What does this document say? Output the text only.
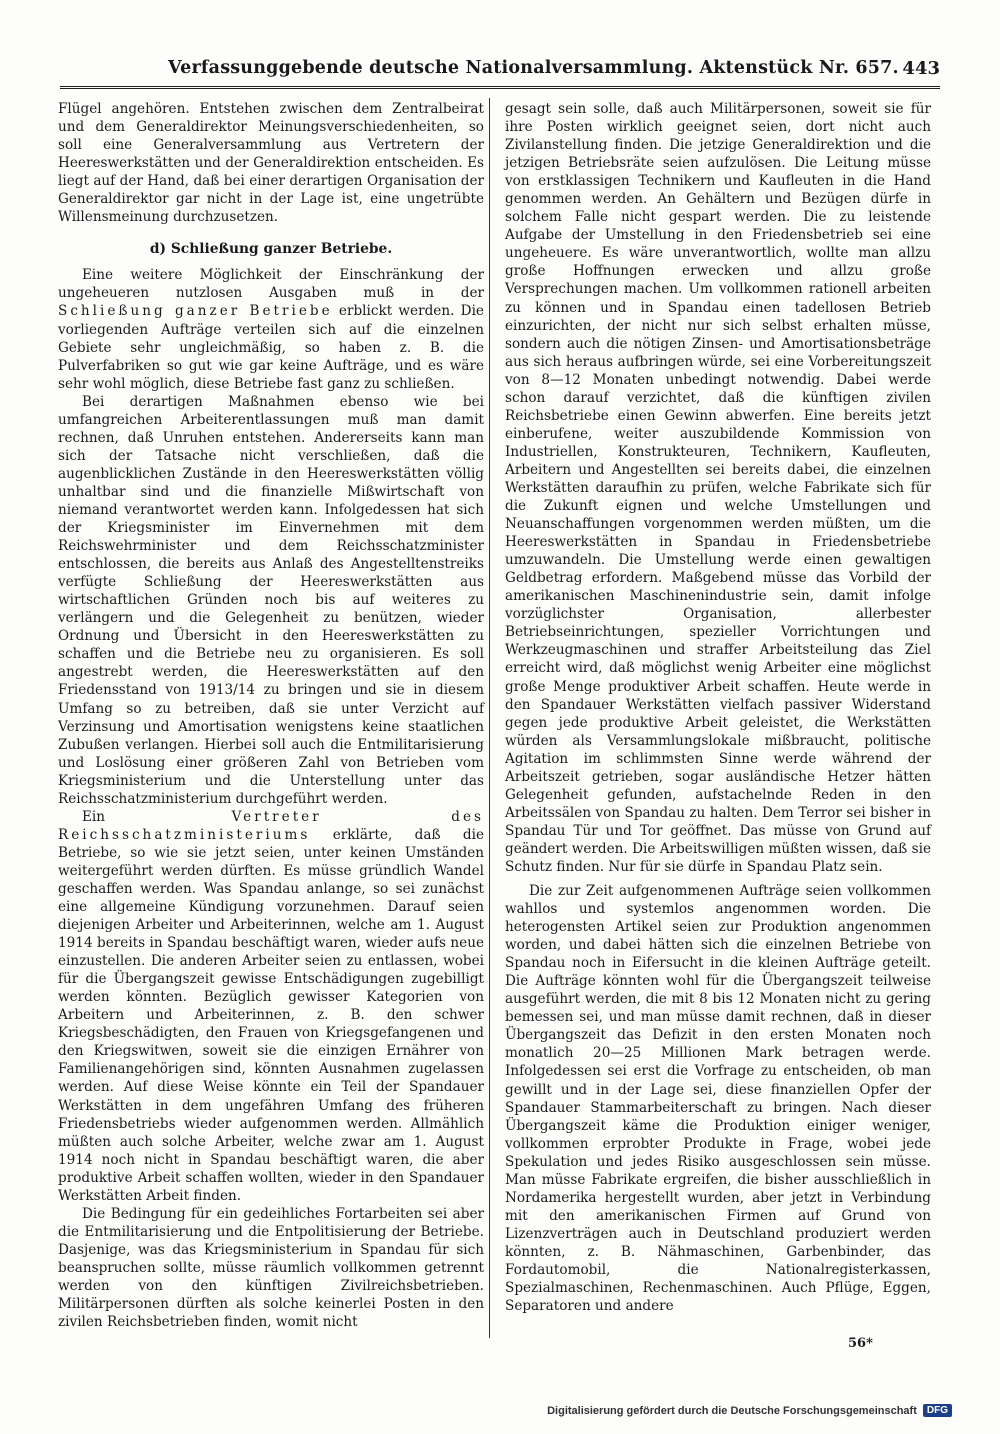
Verfassunggebende deutsche Nationalversammlung. Aktenstück Nr. 657. 443

Flügel angehören. Entstehen zwischen dem Zentralbeirat und dem Generaldirektor Meinungsverschiedenheiten, so soll eine Generalversammlung aus Vertretern der Heereswerkstätten und der Generaldirektion entscheiden. Es liegt auf der Hand, daß bei einer derartigen Organisation der Generaldirektor gar nicht in der Lage ist, eine ungetrübte Willensmeinung durchzusetzen.

d) Schließung ganzer Betriebe.

Eine weitere Möglichkeit der Einschränkung der ungeheueren nutzlosen Ausgaben muß in der Schließung ganzer Betriebe erblickt werden. Die vorliegenden Aufträge verteilen sich auf die einzelnen Gebiete sehr ungleichmäßig, so haben z. B. die Pulverfabriken so gut wie gar keine Aufträge, und es wäre sehr wohl möglich, diese Betriebe fast ganz zu schließen.

Bei derartigen Maßnahmen ebenso wie bei umfangreichen Arbeiterentlassungen muß man damit rechnen, daß Unruhen entstehen. Andererseits kann man sich der Tatsache nicht verschließen, daß die augenblicklichen Zustände in den Heereswerkstätten völlig unhaltbar sind und die finanzielle Mißwirtschaft von niemand verantwortet werden kann. Infolgedessen hat sich der Kriegsminister im Einvernehmen mit dem Reichswehrminister und dem Reichsschatzminister entschlossen, die bereits aus Anlaß des Angestelltenstreiks verfügte Schließung der Heereswerkstätten aus wirtschaftlichen Gründen noch bis auf weiteres zu verlängern und die Gelegenheit zu benützen, wieder Ordnung und Übersicht in den Heereswerkstätten zu schaffen und die Betriebe neu zu organisieren. Es soll angestrebt werden, die Heereswerkstätten auf den Friedensstand von 1913/14 zu bringen und sie in diesem Umfang so zu betreiben, daß sie unter Verzicht auf Verzinsung und Amortisation wenigstens keine staatlichen Zubußen verlangen. Hierbei soll auch die Entmilitarisierung und Loslösung einer größeren Zahl von Betrieben vom Kriegsministerium und die Unterstellung unter das Reichsschatzministerium durchgeführt werden.

Ein	Vertreter des Reichsschatzministeriums erklärte, daß die Betriebe, so wie sie jetzt seien, unter keinen Umständen weitergeführt werden dürften. Es müsse gründlich Wandel geschaffen werden. Was Spandau anlange, so sei zunächst eine allgemeine Kündigung vorzunehmen. Darauf seien diejenigen Arbeiter und Arbeiterinnen, welche am 1. August 1914 bereits in Spandau beschäftigt waren, wieder aufs neue einzustellen. Die anderen Arbeiter seien zu entlassen, wobei für die Übergangszeit gewisse Entschädigungen zugebilligt werden könnten. Bezüglich gewisser Kategorien von Arbeitern und Arbeiterinnen, z. B. den schwer Kriegsbeschädigten, den Frauen von Kriegsgefangenen und den Kriegswitwen, soweit sie die einzigen Ernährer von Familienangehörigen sind, könnten Ausnahmen zugelassen werden. Auf diese Weise könnte ein Teil der Spandauer Werkstätten in dem ungefähren Umfang des früheren Friedensbetriebs wieder aufgenommen werden. Allmählich müßten auch solche Arbeiter, welche zwar am 1. August 1914 noch nicht in Spandau beschäftigt waren, die aber produktive Arbeit schaffen wollten, wieder in den Spandauer Werkstätten Arbeit finden.

Die Bedingung für ein gedeihliches Fortarbeiten sei aber die Entmilitarisierung und die Entpolitisierung der Betriebe. Dasjenige, was das Kriegsministerium in Spandau für sich beanspruchen sollte, müsse räumlich vollkommen getrennt werden von den künftigen Zivilreichsbetrieben. Militärpersonen dürften als solche keinerlei Posten in den zivilen Reichsbetrieben finden, womit nicht

gesagt sein solle, daß auch Militärpersonen, soweit sie für ihre Posten wirklich geeignet seien, dort nicht auch Zivilanstellung finden. Die jetzige Generaldirektion und die jetzigen Betriebsräte seien aufzulösen. Die Leitung müsse von erstklassigen Technikern und Kaufleuten in die Hand genommen werden. An Gehältern und Bezügen dürfe in solchem Falle nicht gespart werden. Die zu leistende Aufgabe der Umstellung in den Friedensbetrieb sei eine ungeheuere. Es wäre unverantwortlich, wollte man allzu große Hoffnungen erwecken und allzu große Versprechungen machen. Um vollkommen rationell arbeiten zu können und in Spandau einen tadellosen Betrieb einzurichten, der nicht nur sich selbst erhalten müsse, sondern auch die nötigen Zinsen- und Amortisationsbeträge aus sich heraus aufbringen würde, sei eine Vorbereitungszeit von 8—12 Monaten unbedingt notwendig. Dabei werde schon darauf verzichtet, daß die künftigen zivilen Reichsbetriebe einen Gewinn abwerfen. Eine bereits jetzt einberufene, weiter auszubildende Kommission von Industriellen, Konstrukteuren, Technikern, Kaufleuten, Arbeitern und Angestellten sei bereits dabei, die einzelnen Werkstätten daraufhin zu prüfen, welche Fabrikate sich für die Zukunft eignen und welche Umstellungen und Neuanschaffungen vorgenommen werden müßten, um die Heereswerkstätten in Spandau in Friedensbetriebe umzuwandeln. Die Umstellung werde einen gewaltigen Geldbetrag erfordern. Maßgebend müsse das Vorbild der amerikanischen Maschinenindustrie sein, damit infolge vorzüglichster Organisation, allerbester Betriebseinrichtungen, spezieller Vorrichtungen und Werkzeugmaschinen und straffer Arbeitsteilung das Ziel erreicht wird, daß möglichst wenig Arbeiter eine möglichst große Menge produktiver Arbeit schaffen. Heute werde in den Spandauer Werkstätten vielfach passiver Widerstand gegen jede produktive Arbeit geleistet, die Werkstätten würden als Versammlungslokale mißbraucht, politische Agitation im schlimmsten Sinne werde während der Arbeitszeit getrieben, sogar ausländische Hetzer hätten Gelegenheit gefunden, aufstachelnde Reden in den Arbeitssälen von Spandau zu halten. Dem Terror sei bisher in Spandau Tür und Tor geöffnet. Das müsse von Grund auf geändert werden. Die Arbeitswilligen müßten wissen, daß sie Schutz finden. Nur für sie dürfe in Spandau Platz sein.

Die zur Zeit aufgenommenen Aufträge seien vollkommen wahllos und systemlos angenommen worden. Die heterogensten Artikel seien zur Produktion angenommen worden, und dabei hätten sich die einzelnen Betriebe von Spandau noch in Eifersucht in die kleinen Aufträge geteilt. Die Aufträge könnten wohl für die Übergangszeit teilweise ausgeführt werden, die mit 8 bis 12 Monaten nicht zu gering bemessen sei, und man müsse damit rechnen, daß in dieser Übergangszeit das Defizit in den ersten Monaten noch monatlich 20—25 Millionen Mark betragen werde. Infolgedessen sei erst die Vorfrage zu entscheiden, ob man gewillt und in der Lage sei, diese finanziellen Opfer der Spandauer Stammarbeiterschaft zu bringen. Nach dieser Übergangszeit käme die Produktion einiger weniger, vollkommen erprobter Produkte in Frage, wobei jede Spekulation und jedes Risiko ausgeschlossen sein müsse. Man müsse Fabrikate ergreifen, die bisher ausschließlich in Nordamerika hergestellt wurden, aber jetzt in Verbindung mit den amerikanischen Firmen auf Grund von Lizenzverträgen auch in Deutschland produziert werden könnten, z. B. Nähmaschinen, Garbenbinder, das Fordautomobil, die Nationalregisterkassen, Spezialmaschinen, Rechenmaschinen. Auch Pflüge, Eggen, Separatoren und andere

56*
Digitalisierung gefördert durch die Deutsche Forschungsgemeinschaft	DFG
